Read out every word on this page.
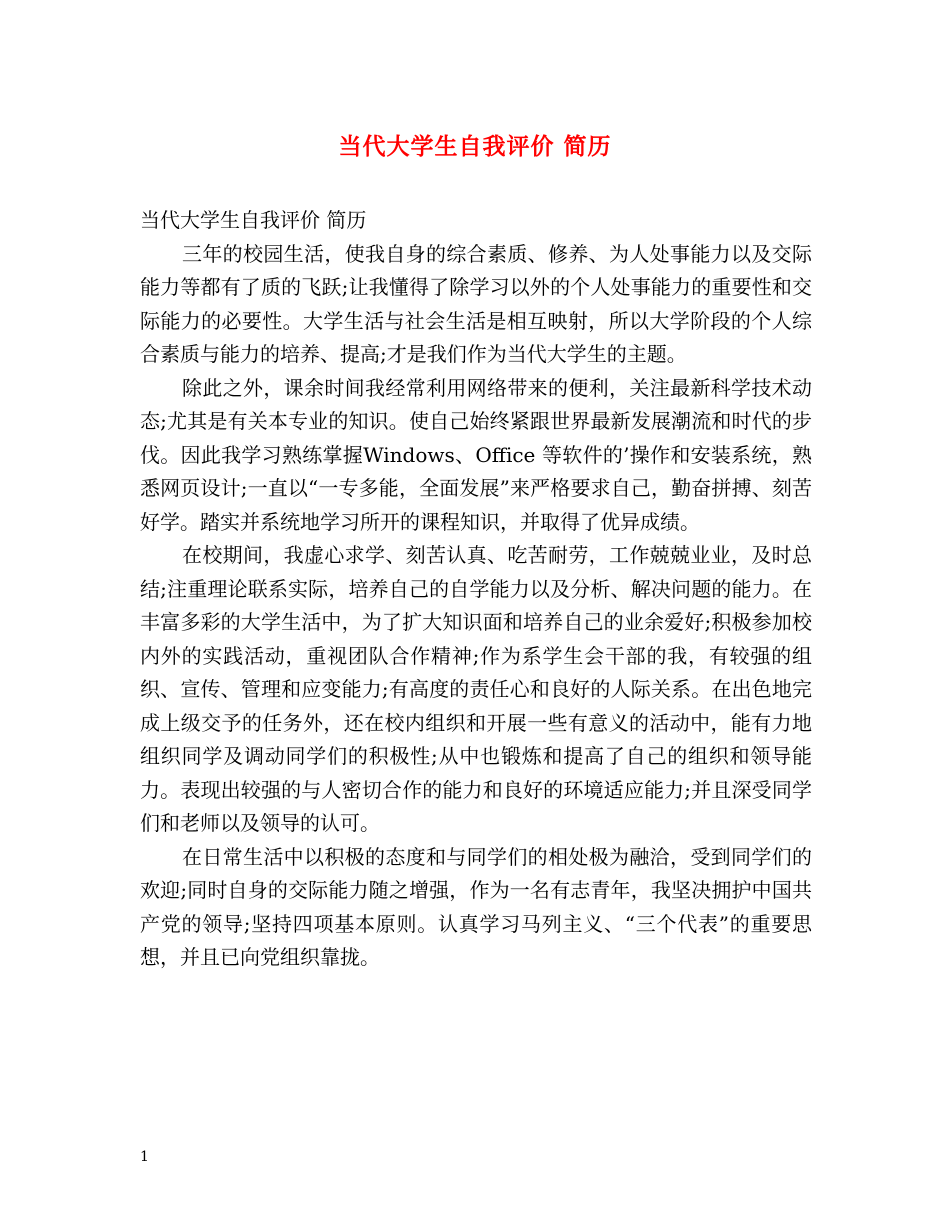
当代大学生自我评价 简历

当代大学生自我评价 简历

三年的校园生活，使我自身的综合素质、修养、为人处事能力以及交际能力等都有了质的飞跃;让我懂得了除学习以外的个人处事能力的重要性和交际能力的必要性。大学生活与社会生活是相互映射，所以大学阶段的个人综合素质与能力的培养、提高;才是我们作为当代大学生的主题。

除此之外，课余时间我经常利用网络带来的便利，关注最新科学技术动态;尤其是有关本专业的知识。使自己始终紧跟世界最新发展潮流和时代的步伐。因此我学习熟练掌握Windows、Office 等软件的’操作和安装系统，熟悉网页设计;一直以“一专多能，全面发展”来严格要求自己，勤奋拼搏、刻苦好学。踏实并系统地学习所开的课程知识，并取得了优异成绩。

在校期间，我虚心求学、刻苦认真、吃苦耐劳，工作兢兢业业，及时总结;注重理论联系实际，培养自己的自学能力以及分析、解决问题的能力。在丰富多彩的大学生活中，为了扩大知识面和培养自己的业余爱好;积极参加校内外的实践活动，重视团队合作精神;作为系学生会干部的我，有较强的组织、宣传、管理和应变能力;有高度的责任心和良好的人际关系。在出色地完成上级交予的任务外，还在校内组织和开展一些有意义的活动中，能有力地组织同学及调动同学们的积极性;从中也锻炼和提高了自己的组织和领导能力。表现出较强的与人密切合作的能力和良好的环境适应能力;并且深受同学们和老师以及领导的认可。

在日常生活中以积极的态度和与同学们的相处极为融洽，受到同学们的欢迎;同时自身的交际能力随之增强，作为一名有志青年，我坚决拥护中国共产党的领导;坚持四项基本原则。认真学习马列主义、“三个代表”的重要思想，并且已向党组织靠拢。

1
